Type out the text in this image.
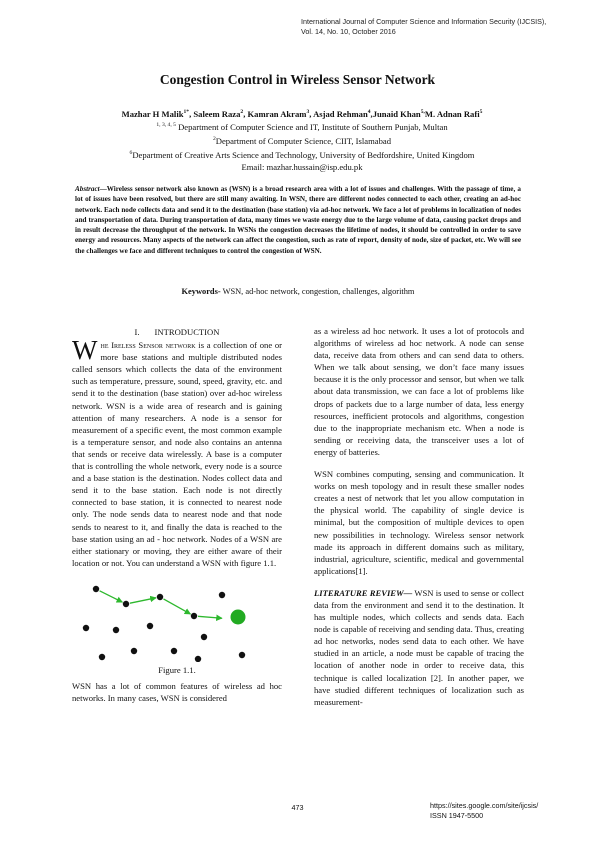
International Journal of Computer Science and Information Security (IJCSIS),
Vol. 14, No. 10, October 2016
Congestion Control in Wireless Sensor Network
Mazhar H Malik$^{1*}$, Saleem Raza$^2$, Kamran Akram$^3$, Asjad Rehman$^4$,Junaid Khan$^{5,}$M. Adnan Rafi$^5$
$^{1, 3, 4, 5}$ Department of Computer Science and IT, Institute of Southern Punjab, Multan
$^2$Department of Computer Science, CIIT, Islamabad
$^6$Department of Creative Arts Science and Technology, University of Bedfordshire, United Kingdom
Email: mazhar.hussain@isp.edu.pk
Abstract—Wireless sensor network also known as (WSN) is a broad research area with a lot of issues and challenges. With the passage of time, a lot of issues have been resolved, but there are still many awaiting. In WSN, there are different nodes connected to each other, creating an ad-hoc network. Each node collects data and send it to the destination (base station) via ad-hoc network. We face a lot of problems in localization of nodes and transportation of data. During transportation of data, many times we waste energy due to the large volume of data, causing packet drops and in result decrease the throughput of the network. In WSNs the congestion decreases the lifetime of nodes, it should be controlled in order to save energy and resources. Many aspects of the network can affect the congestion, such as rate of report, density of node, size of packet, etc. We will see the challenges we face and different techniques to control the congestion of WSN.
Keywords- WSN, ad-hoc network, congestion, challenges, algorithm
I. INTRODUCTION

Whe Ireless Sensor network is a collection of one or more base stations and multiple distributed nodes called sensors which collects the data of the environment such as temperature, pressure, sound, speed, gravity, etc. and send it to the destination (base station) over ad-hoc wireless network. WSN is a wide area of research and is gaining attention of many researchers. A node is a sensor for measurement of a specific event, the most common example is a temperature sensor, and node also contains an antenna that sends or receive data wirelessly. A base is a computer that is controlling the whole network, every node is a source and a base station is the destination. Nodes collect data and send it to the base station. Each node is not directly connected to base station, it is connected to nearest node only. The node sends data to nearest node and that node sends to nearest to it, and finally the data is reached to the base station using an ad - hoc network. Nodes of a WSN are either stationary or moving, they are either aware of their location or not. You can understand a WSN with figure 1.1.

Figure 1.1.

WSN has a lot of common features of wireless ad hoc networks. In many cases, WSN is considered

as a wireless ad hoc network. It uses a lot of protocols and algorithms of wireless ad hoc network. A node can sense data, receive data from others and can send data to others. When we talk about sensing, we don’t face many issues because it is the only processor and sensor, but when we talk about data transmission, we can face a lot of problems like drops of packets due to a large number of data, less energy resources, inefficient protocols and algorithms, congestion due to the inappropriate mechanism etc. When a node is sending or receiving data, the transceiver uses a lot of energy of batteries.

WSN combines computing, sensing and communication. It works on mesh topology and in result these smaller nodes creates a nest of network that let you allow computation in the physical world. The capability of single device is minimal, but the composition of multiple devices to open new possibilities in technology. Wireless sensor network made its approach in different domains such as military, industrial, agriculture, scientific, medical and governmental applications[1].

LITERATURE REVIEW— WSN is used to sense or collect data from the environment and send it to the destination. It has multiple nodes, which collects and sends data. Each node is capable of receiving and sending data. Thus, creating ad hoc networks, nodes send data to each other. We have studied in an article, a node must be capable of tracing the location of another node in order to receive data, this technique is called localization [2]. In another paper, we have studied different techniques of localization such as measurement-

473	https://sites.google.com/site/ijcsis/
ISSN 1947-5500
